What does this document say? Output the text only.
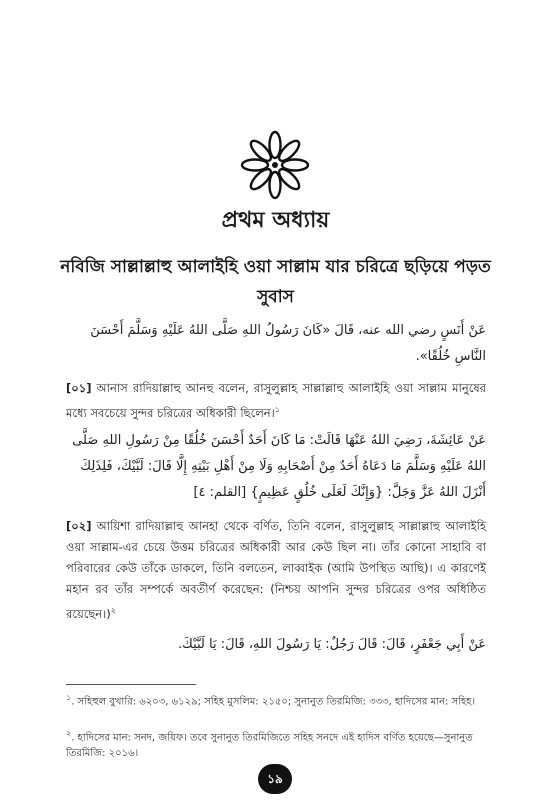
প্রথম অধ্যায়
নবিজি সাল্লাল্লাহু আলাইহি ওয়া সাল্লাম যার চরিত্রে ছড়িয়ে পড়ত সুবাস
عَنْ أَنَسٍ رضي الله عنه، قَالَ «كَانَ رَسُولُ اللهِ صَلَّى اللهُ عَلَيْهِ وَسَلَّمَ أَحْسَنَ النَّاسِ خُلُقًا».
[০১] আনাস রাদিয়াল্লাহু আনহু বলেন, রাসুলুল্লাহ সাল্লাল্লাহু আলাইহি ওয়া সাল্লাম মানুষের মধ্যে সবচেয়ে সুন্দর চরিত্রের অধিকারী ছিলেন।$^১$
عَنْ عَائِشَةَ، رَضِيَ اللهُ عَنْهَا قَالَتْ: مَا كَانَ أَحَدٌ أَحْسَنَ خُلُقًا مِنْ رَسُولِ اللهِ صَلَّى اللهُ عَلَيْهِ وَسَلَّمَ مَا دَعَاهُ أَحَدٌ مِنْ أَصْحَابِهِ وَلَا مِنْ أَهْلِ بَيْتِهِ إِلَّا قَالَ: لَبَّيْكَ، فَلِذَلِكَ أَنْزَلَ اللهُ عَزَّ وَجَلَّ: {وَإِنَّكَ لَعَلَى خُلُقٍ عَظِيمٍ} [القلم: ٤]
[০২] আয়িশা রাদিয়াল্লাহু আনহা থেকে বর্ণিত, তিনি বলেন, রাসুলুল্লাহ সাল্লাল্লাহু আলাইহি ওয়া সাল্লাম-এর চেয়ে উত্তম চরিত্রের অধিকারী আর কেউ ছিল না। তাঁর কোনো সাহাবি বা পরিবারের কেউ তাঁকে ডাকলে, তিনি বলতেন, লাব্বাইক (আমি উপস্থিত আছি)। এ কারণেই মহান রব তাঁর সম্পর্কে অবতীর্ণ করেছেন: (নিশ্চয় আপনি সুন্দর চরিত্রের ওপর অধিষ্ঠিত রয়েছেন।)$^২$
عَنْ أَبِي جَعْفَرٍ، قَالَ: قَالَ رَجُلٌ: يَا رَسُولَ اللهِ، قَالَ: يَا لَبَّيْكَ.
$^১$. সহিহুল বুখারি: ৬২০৩, ৬১২৯; সহিহ মুসলিম: ২১৫০; সুনানুত তিরমিজি: ৩৩৩, হাদিসের মান: সহিহ।
$^২$. হাদিসের মান: সনদ, জয়িফ। তবে সুনানুত তিরমিজিতে সহিহ সনদে এই হাদিস বর্ণিত হয়েছে—সুনানুত তিরমিজি: ২০১৬।
১৯
